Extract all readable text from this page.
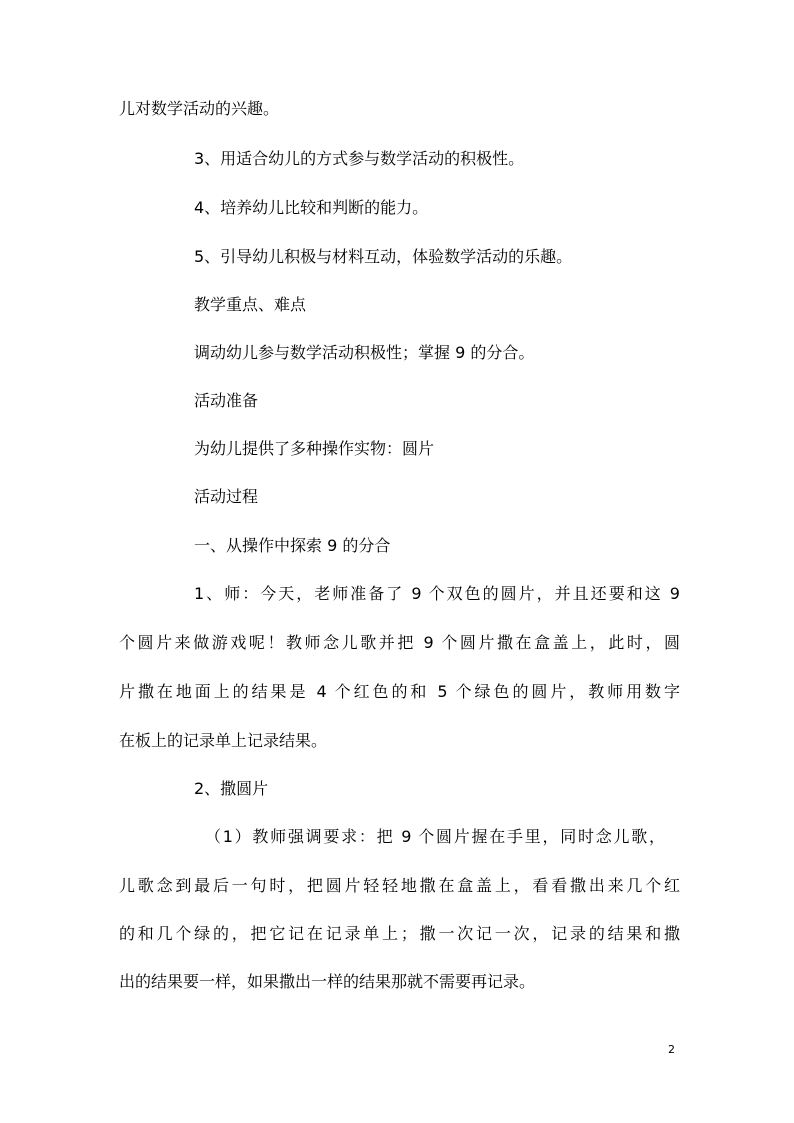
儿对数学活动的兴趣。
3、用适合幼儿的方式参与数学活动的积极性。
4、培养幼儿比较和判断的能力。
5、引导幼儿积极与材料互动，体验数学活动的乐趣。
教学重点、难点
调动幼儿参与数学活动积极性；掌握 9 的分合。
活动准备
为幼儿提供了多种操作实物：圆片
活动过程
一、从操作中探索 9 的分合
1、师：今天，老师准备了 9 个双色的圆片，并且还要和这 9
个圆片来做游戏呢！教师念儿歌并把 9 个圆片撒在盒盖上，此时，圆
片撒在地面上的结果是 4 个红色的和 5 个绿色的圆片，教师用数字
在板上的记录单上记录结果。
2、撒圆片
（1）教师强调要求：把 9 个圆片握在手里，同时念儿歌，
儿歌念到最后一句时，把圆片轻轻地撒在盒盖上，看看撒出来几个红
的和几个绿的，把它记在记录单上；撒一次记一次，记录的结果和撒
出的结果要一样，如果撒出一样的结果那就不需要再记录。
2
